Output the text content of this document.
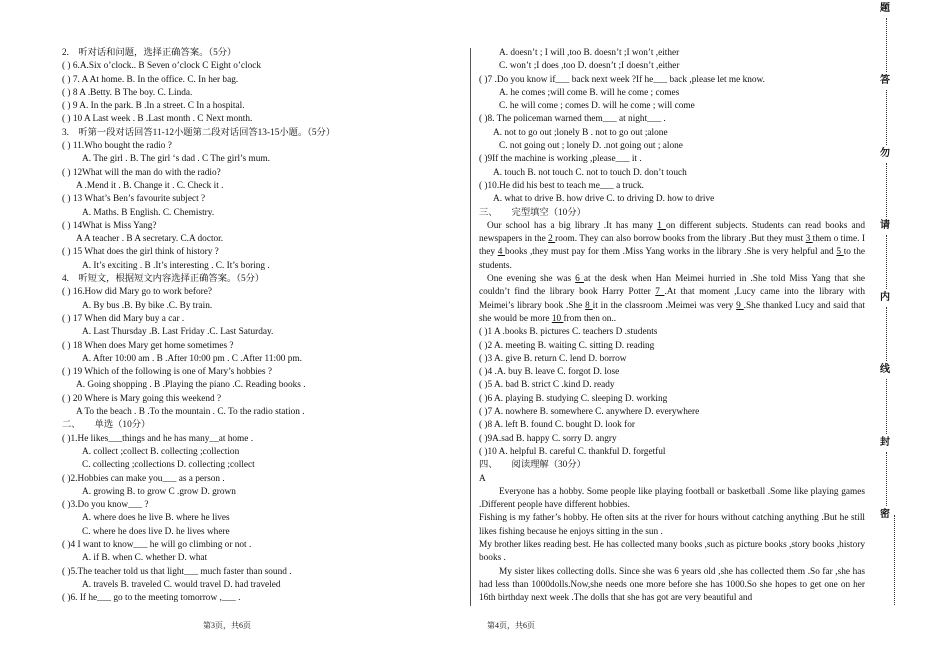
2.　听对话和问题，选择正确答案。（5分）
( ) 6.A.Six o’clock.. B Seven o’clock C Eight o’clock
( ) 7. A At home. B. In the office. C. In her bag.
( ) 8 A .Betty. B The boy. C. Linda.
( ) 9 A. In the park. B .In a street. C In a hospital.
( ) 10 A Last week . B .Last month . C Next month.
3.　听第一段对话回答11-12小题第二段对话回答13-15小题。（5分）
( ) 11.Who bought the radio ?
A. The girl . B. The girl ‘s dad . C The girl’s mum.
( ) 12What will the man do with the radio?
A .Mend it . B. Change it . C. Check it .
( ) 13 What’s Ben’s favourite subject ?
A. Maths. B English. C. Chemistry.
( ) 14What is Miss Yang?
A A teacher . B A secretary. C.A doctor.
( ) 15 What does the girl think of history ?
A. It’s exciting . B .It’s interesting . C. It’s boring .
4.　听短文，根据短文内容选择正确答案。（5分）
( ) 16.How did Mary go to work before?
A. By bus .B. By bike .C. By train.
( ) 17 When did Mary buy a car .
A. Last Thursday .B. Last Friday .C. Last Saturday.
( ) 18 When does Mary get home sometimes ?
A. After 10:00 am . B .After 10:00 pm . C .After 11:00 pm.
( ) 19 Which of the following is one of Mary’s hobbies ?
A. Going shopping . B .Playing the piano .C. Reading books .
( ) 20 Where is Mary going this weekend ?
A To the beach . B .To the mountain . C. To the radio station .
二、　　单选（10分）
( )1.He likes___things and he has many__at home .
A. collect ;collect B. collecting ;collection
C. collecting ;collections D. collecting ;collect
( )2.Hobbies can make you___ as a person .
A. growing B. to grow C .grow D. grown
( )3.Do you know___ ?
A. where does he live B. where he lives
C. where he does live D. he lives where
( )4 I want to know___ he will go climbing or not .
A. if B. when C. whether D. what
( )5.The teacher told us that light___ much faster than sound .
A. travels B. traveled C. would travel D. had traveled
( )6. If he___ go to the meeting tomorrow ,___ .
A. doesn’t ; I will ,too B. doesn’t ;I won’t ,either
C. won’t ;I does ,too D. doesn’t ;I doesn’t ,either
( )7 .Do you know if___ back next week ?If he___ back ,please let me know.
A. he comes ;will come B. will he come ; comes
C. he will come ; comes D. will he come ; will come
( )8. The policeman warned them___ at night___ .
A. not to go out ;lonely B . not to go out ;alone
C. not going out ; lonely D. .not going out ; alone
( )9If the machine is working ,please___ it .
A. touch B. not touch C. not to touch D. don’t touch
( )10.He did his best to teach me___ a truck.
A. what to drive B. how drive C. to driving D. how to drive
三、　　完型填空（10分）
Our school has a big library .It has many 1 on different subjects. Students can read books and newspapers in the 2 room. They can also borrow books from the library .But they must 3 them o time. I they 4 books ,they must pay for them .Miss Yang works in the library .She is very helpful and 5 to the students.
One evening she was 6 at the desk when Han Meimei hurried in .She told Miss Yang that she couldn’t find the library book Harry Potter 7 .At that moment ,Lucy came into the library with Meimei’s library book .She 8 it in the classroom .Meimei was very 9 .She thanked Lucy and said that she would be more 10 from then on..
( )1 A .books B. pictures C. teachers D .students
( )2 A. meeting B. waiting C. sitting D. reading
( )3 A. give B. return C. lend D. borrow
( )4 .A. buy B. leave C. forgot D. lose
( )5 A. bad B. strict C .kind D. ready
( )6 A. playing B. studying C. sleeping D. working
( )7 A. nowhere B. somewhere C. anywhere D. everywhere
( )8 A. left B. found C. bought D. look for
( )9A.sad B. happy C. sorry D. angry
( )10 A. helpful B. careful C. thankful D. forgetful
四、　　阅读理解（30分）
A
Everyone has a hobby. Some people like playing football or basketball .Some like playing games .Different people have different hobbies.
Fishing is my father’s hobby. He often sits at the river for hours without catching anything .But he still likes fishing because he enjoys sitting in the sun .
My brother likes reading best. He has collected many books ,such as picture books ,story books ,history books .
My sister likes collecting dolls. Since she was 6 years old ,she has collected them .So far ,she has had less than 1000dolls.Now,she needs one more before she has 1000.So she hopes to get one on her 16th birthday next week .The dolls that she has got are very beautiful and
第3页，共6页	第4页，共6页
题
答
勿
请
内
线
封
密
